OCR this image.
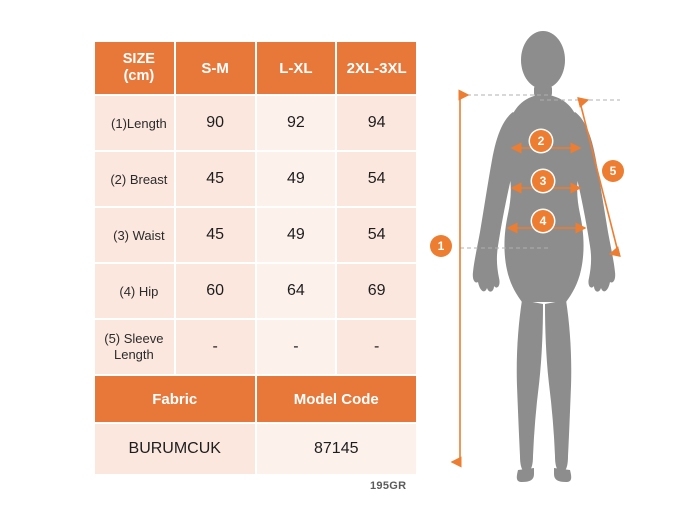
SIZE
(cm)	S-M	L-XL	2XL-3XL
(1)Length	90	92	94
(2) Breast	45	49	54
(3) Waist	45	49	54
(4) Hip	60	64	69
(5) Sleeve
Length	-	-	-
Fabric		Model Code	
BURUMCUK		87145	
195GR
1
2
3
4
5
